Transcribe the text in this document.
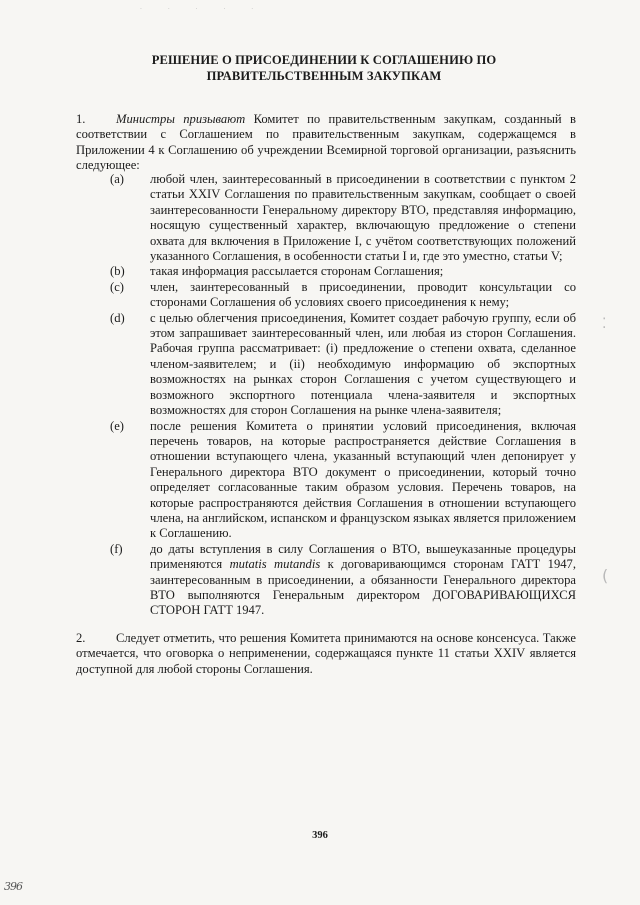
· · · · ·
РЕШЕНИЕ О ПРИСОЕДИНЕНИИ К СОГЛАШЕНИЮ ПО
ПРАВИТЕЛЬСТВЕННЫМ ЗАКУПКАМ
1. Министры призывают Комитет по правительственным закупкам, созданный в соответствии с Соглашением по правительственным закупкам, содержащемся в Приложении 4 к Соглашению об учреждении Всемирной торговой организации, разъяснить следующее:
(a) любой член, заинтересованный в присоединении в соответствии с пунктом 2 статьи XXIV Соглашения по правительственным закупкам, сообщает о своей заинтересованности Генеральному директору ВТО, представляя информацию, носящую существенный характер, включающую предложение о степени охвата для включения в Приложение I, с учётом соответствующих положений указанного Соглашения, в особенности статьи I и, где это уместно, статьи V;
(b) такая информация рассылается сторонам Соглашения;
(c) член, заинтересованный в присоединении, проводит консультации со сторонами Соглашения об условиях своего присоединения к нему;
(d) с целью облегчения присоединения, Комитет создает рабочую группу, если об этом запрашивает заинтересованный член, или любая из сторон Соглашения. Рабочая группа рассматривает: (i) предложение о степени охвата, сделанное членом-заявителем; и (ii) необходимую информацию об экспортных возможностях на рынках сторон Соглашения с учетом существующего и возможного экспортного потенциала члена-заявителя и экспортных возможностях для сторон Соглашения на рынке члена-заявителя;
(e) после решения Комитета о принятии условий присоединения, включая перечень товаров, на которые распространяется действие Соглашения в отношении вступающего члена, указанный вступающий член депонирует у Генерального директора ВТО документ о присоединении, который точно определяет согласованные таким образом условия. Перечень товаров, на которые распространяются действия Соглашения в отношении вступающего члена, на английском, испанском и французском языках является приложением к Соглашению.
(f) до даты вступления в силу Соглашения о ВТО, вышеуказанные процедуры применяются mutatis mutandis к договаривающимся сторонам ГАТТ 1947, заинтересованным в присоединении, а обязанности Генерального директора ВТО выполняются Генеральным директором ДОГОВАРИВАЮЩИХСЯ СТОРОН ГАТТ 1947.
2. Следует отметить, что решения Комитета принимаются на основе консенсуса. Также отмечается, что оговорка о неприменении, содержащаяся пункте 11 статьи XXIV является доступной для любой стороны Соглашения.
⁚
(
396
396
